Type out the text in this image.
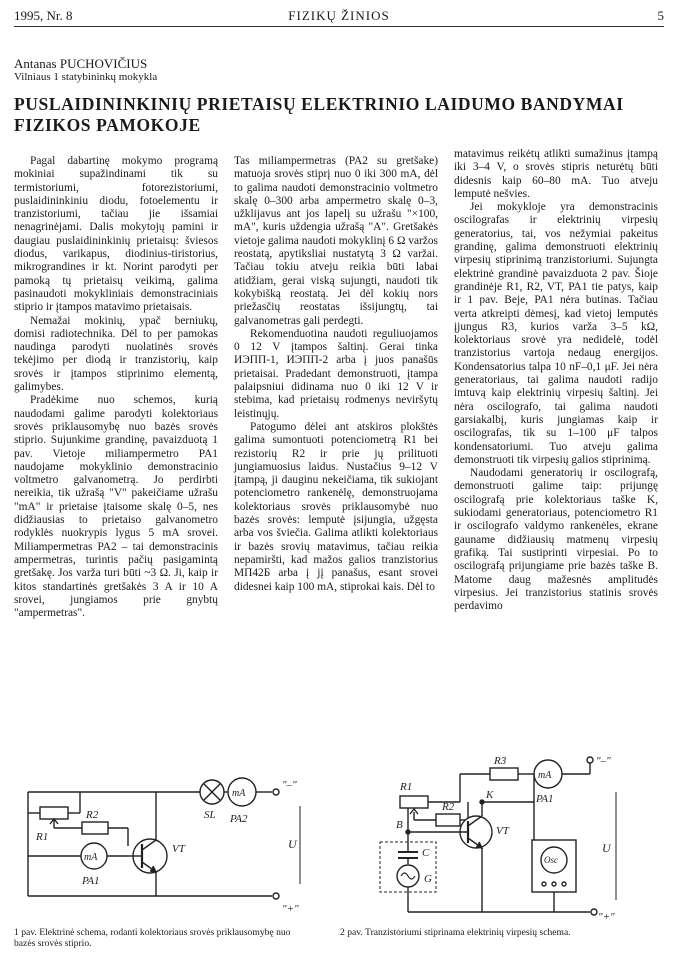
1995, Nr. 8	FIZIKŲ ŽINIOS	5
Antanas PUCHOVIČIUS
Vilniaus 1 statybininkų mokykla
PUSLAIDININKINIŲ PRIETAISŲ ELEKTRINIO LAIDUMO BANDYMAI FIZIKOS PAMOKOJE

Pagal dabartinę mokymo programą mokiniai supažindinami tik su termistoriumi, fotorezistoriumi, puslaidininkiniu diodu, fotoelementu ir tranzistoriumi, tačiau jie išsamiai nenagrinėjami. Dalis mokytojų pamini ir daugiau puslaidininkinių prietaisų: šviesos diodus, varikapus, diodinius-tiristorius, mikrograndines ir kt. Norint parodyti per pamoką tų prietaisų veikimą, galima pasinaudoti mokykliniais demonstraciniais stiprio ir įtampos matavimo prietaisais.

Nemažai mokinių, ypač berniukų, domisi radiotechnika. Dėl to per pamokas naudinga parodyti nuolatinės srovės tekėjimo per diodą ir tranzistorių, kaip srovės ir įtampos stiprinimo elementą, galimybes.

Pradėkime nuo schemos, kurią naudodami galime parodyti kolektoriaus srovės priklausomybę nuo bazės srovės stiprio. Sujunkime grandinę, pavaizduotą 1 pav. Vietoje miliampermetro PA1 naudojame mokyklinio demonstracinio voltmetro galvanometrą. Jo perdirbti nereikia, tik užrašą "V" pakeičiame užrašu "mA" ir prietaise įtaisome skalę 0–5, nes didžiausias to prietaiso galvanometro rodyklės nuokrypis lygus 5 mA srovei. Miliampermetras PA2 – tai demonstracinis ampermetras, turintis pačių pasigamintą gretšakę. Jos varža turi būti ~3 Ω. Ji, kaip ir kitos standartinės gretšakės 3 A ir 10 A srovei, jungiamos prie gnybtų "ampermetras".

Tas miliampermetras (PA2 su gretšake) matuoja srovės stiprį nuo 0 iki 300 mA, dėl to galima naudoti demonstracinio voltmetro skalę 0–300 arba ampermetro skalę 0–3, užklijavus ant jos lapelį su užrašu "×100, mA", kuris uždengia užrašą "A". Gretšakės vietoje galima naudoti mokyklinį 6 Ω varžos reostatą, apytiksliai nustatytą 3 Ω varžai. Tačiau tokiu atveju reikia būti labai atidžiam, gerai viską sujungti, naudoti tik kokybišką reostatą. Jei dėl kokių nors priežasčių reostatas išsijungtų, tai galvanometras gali perdegti.

Rekomenduotina naudoti reguliuojamos 0 12 V įtampos šaltinį. Gerai tinka ИЭПП-1, ИЭПП-2 arba į juos panašūs prietaisai. Pradedant demonstruoti, įtampa palaipsniui didinama nuo 0 iki 12 V ir stebima, kad prietaisų rodmenys neviršytų leistinųjų.

Patogumo dėlei ant atskiros plokštės galima sumontuoti potenciometrą R1 bei rezistorių R2 ir prie jų prilituoti jungiamuosius laidus. Nustačius 9–12 V įtampą, ji dauginu nekeičiama, tik sukiojant potenciometro rankenėlę, demonstruojama kolektoriaus srovės priklausomybė nuo bazės srovės: lemputė įsijungia, užgęsta arba vos šviečia. Galima atlikti kolektoriaus ir bazės srovių matavimus, tačiau reikia nepamiršti, kad mažos galios tranzistorius МП42Б arba į jį panašus, esant srovei didesnei kaip 100 mA, stiprokai kais. Dėl to

matavimus reikėtų atlikti sumažinus įtampą iki 3–4 V, o srovės stipris neturėtų būti didesnis kaip 60–80 mA. Tuo atveju lemputė nešvies.

Jei mokykloje yra demonstracinis oscilografas ir elektrinių virpesių generatorius, tai, vos nežymiai pakeitus grandinę, galima demonstruoti elektrinių virpesių stiprinimą tranzistoriumi. Sujungta elektrinė grandinė pavaizduota 2 pav. Šioje grandinėje R1, R2, VT, PA1 tie patys, kaip ir 1 pav. Bejе, PA1 nėra butinas. Tačiau verta atkreipti dėmesį, kad vietoj lemputės įjungus R3, kurios varža 3–5 kΩ, kolektoriaus srovė yra nedidelė, todėl tranzistorius vartoja nedaug energijos. Kondensatorius talpa 10 nF–0,1 μF. Jei nėra generatoriaus, tai galima naudoti radijo imtuvą kaip elektrinių virpesių šaltinį. Jei nėra oscilografo, tai galima naudoti garsiakalbį, kuris jungiamas kaip ir oscilografas, tik su 1–100 μF talpos kondensatoriumi. Tuo atveju galima demonstruoti tik virpesių galios stiprinimą.

Naudodami generatorių ir oscilografą, demonstruoti galime taip: prijungę oscilografą prie kolektoriaus taške K, sukiodami generatoriaus, potenciometro R1 ir oscilografo valdymo rankenėles, ekrane gaunamе didžiausių matmenų virpesių grafiką. Tai sustiprinti virpesiai. Po to oscilografą prijungiame prie bazės taške B. Matome daug mažesnės amplitudės virpesius. Jei tranzistorius statinis srovės perdavimo

R1
R2
PA1
mA
SL PA2
mA
VT	U
"–"
"+"
R1
R2
R3
mA
PA1
K
B
C
G
VT
Osc
U
"–"
"+"
1 pav. Elektrinė schema, rodanti kolektoriaus srovės priklausomybę nuo bazės srovės stiprio.
2 pav. Tranzistoriumi stiprinama elektrinių virpesių schema.
